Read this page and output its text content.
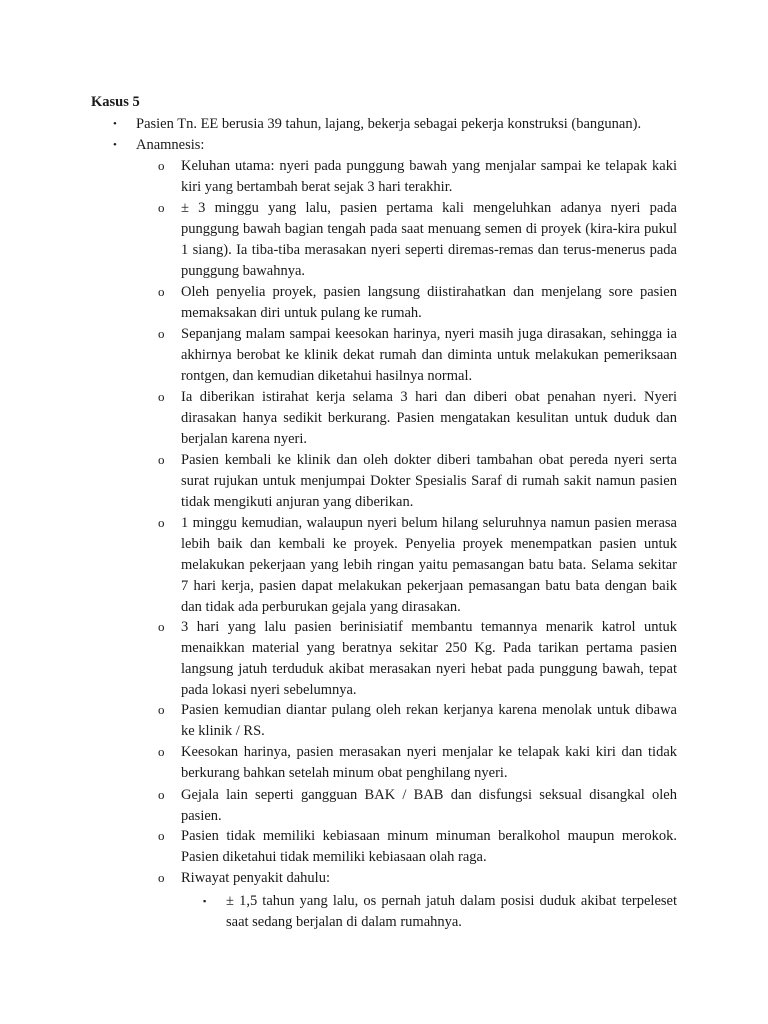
Kasus 5
• Pasien Tn. EE berusia 39 tahun, lajang, bekerja sebagai pekerja konstruksi (bangunan).
• Anamnesis:
o Keluhan utama: nyeri pada punggung bawah yang menjalar sampai ke telapak kaki kiri yang bertambah berat sejak 3 hari terakhir.
o ± 3 minggu yang lalu, pasien pertama kali mengeluhkan adanya nyeri pada punggung bawah bagian tengah pada saat menuang semen di proyek (kira-kira pukul 1 siang). Ia tiba-tiba merasakan nyeri seperti diremas-remas dan terus-menerus pada punggung bawahnya.
o Oleh penyelia proyek, pasien langsung diistirahatkan dan menjelang sore pasien memaksakan diri untuk pulang ke rumah.
o Sepanjang malam sampai keesokan harinya, nyeri masih juga dirasakan, sehingga ia akhirnya berobat ke klinik dekat rumah dan diminta untuk melakukan pemeriksaan rontgen, dan kemudian diketahui hasilnya normal.
o Ia diberikan istirahat kerja selama 3 hari dan diberi obat penahan nyeri. Nyeri dirasakan hanya sedikit berkurang. Pasien mengatakan kesulitan untuk duduk dan berjalan karena nyeri.
o Pasien kembali ke klinik dan oleh dokter diberi tambahan obat pereda nyeri serta surat rujukan untuk menjumpai Dokter Spesialis Saraf di rumah sakit namun pasien tidak mengikuti anjuran yang diberikan.
o 1 minggu kemudian, walaupun nyeri belum hilang seluruhnya namun pasien merasa lebih baik dan kembali ke proyek. Penyelia proyek menempatkan pasien untuk melakukan pekerjaan yang lebih ringan yaitu pemasangan batu bata. Selama sekitar 7 hari kerja, pasien dapat melakukan pekerjaan pemasangan batu bata dengan baik dan tidak ada perburukan gejala yang dirasakan.
o 3 hari yang lalu pasien berinisiatif membantu temannya menarik katrol untuk menaikkan material yang beratnya sekitar 250 Kg. Pada tarikan pertama pasien langsung jatuh terduduk akibat merasakan nyeri hebat pada punggung bawah, tepat pada lokasi nyeri sebelumnya.
o Pasien kemudian diantar pulang oleh rekan kerjanya karena menolak untuk dibawa ke klinik / RS.
o Keesokan harinya, pasien merasakan nyeri menjalar ke telapak kaki kiri dan tidak berkurang bahkan setelah minum obat penghilang nyeri.
o Gejala lain seperti gangguan BAK / BAB dan disfungsi seksual disangkal oleh pasien.
o Pasien tidak memiliki kebiasaan minum minuman beralkohol maupun merokok. Pasien diketahui tidak memiliki kebiasaan olah raga.
o Riwayat penyakit dahulu:
▪ ± 1,5 tahun yang lalu, os pernah jatuh dalam posisi duduk akibat terpeleset saat sedang berjalan di dalam rumahnya.
